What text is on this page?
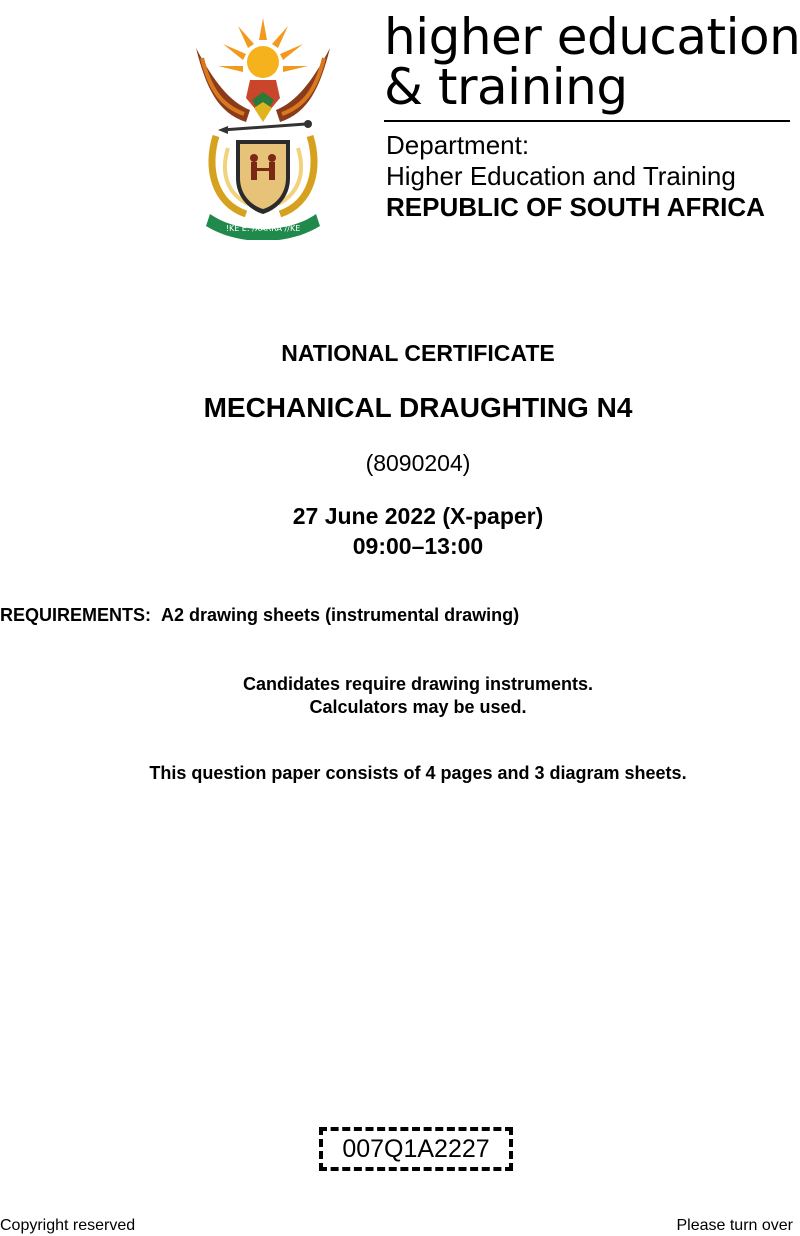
!KE E: /XARRA //KE
higher education
& training
Department:
Higher Education and Training
REPUBLIC OF SOUTH AFRICA
NATIONAL CERTIFICATE
MECHANICAL DRAUGHTING N4
(8090204)
27 June 2022 (X-paper)
09:00–13:00
REQUIREMENTS: A2 drawing sheets (instrumental drawing)
Candidates require drawing instruments.
Calculators may be used.
This question paper consists of 4 pages and 3 diagram sheets.
007Q1A2227
Copyright reserved	Please turn over
